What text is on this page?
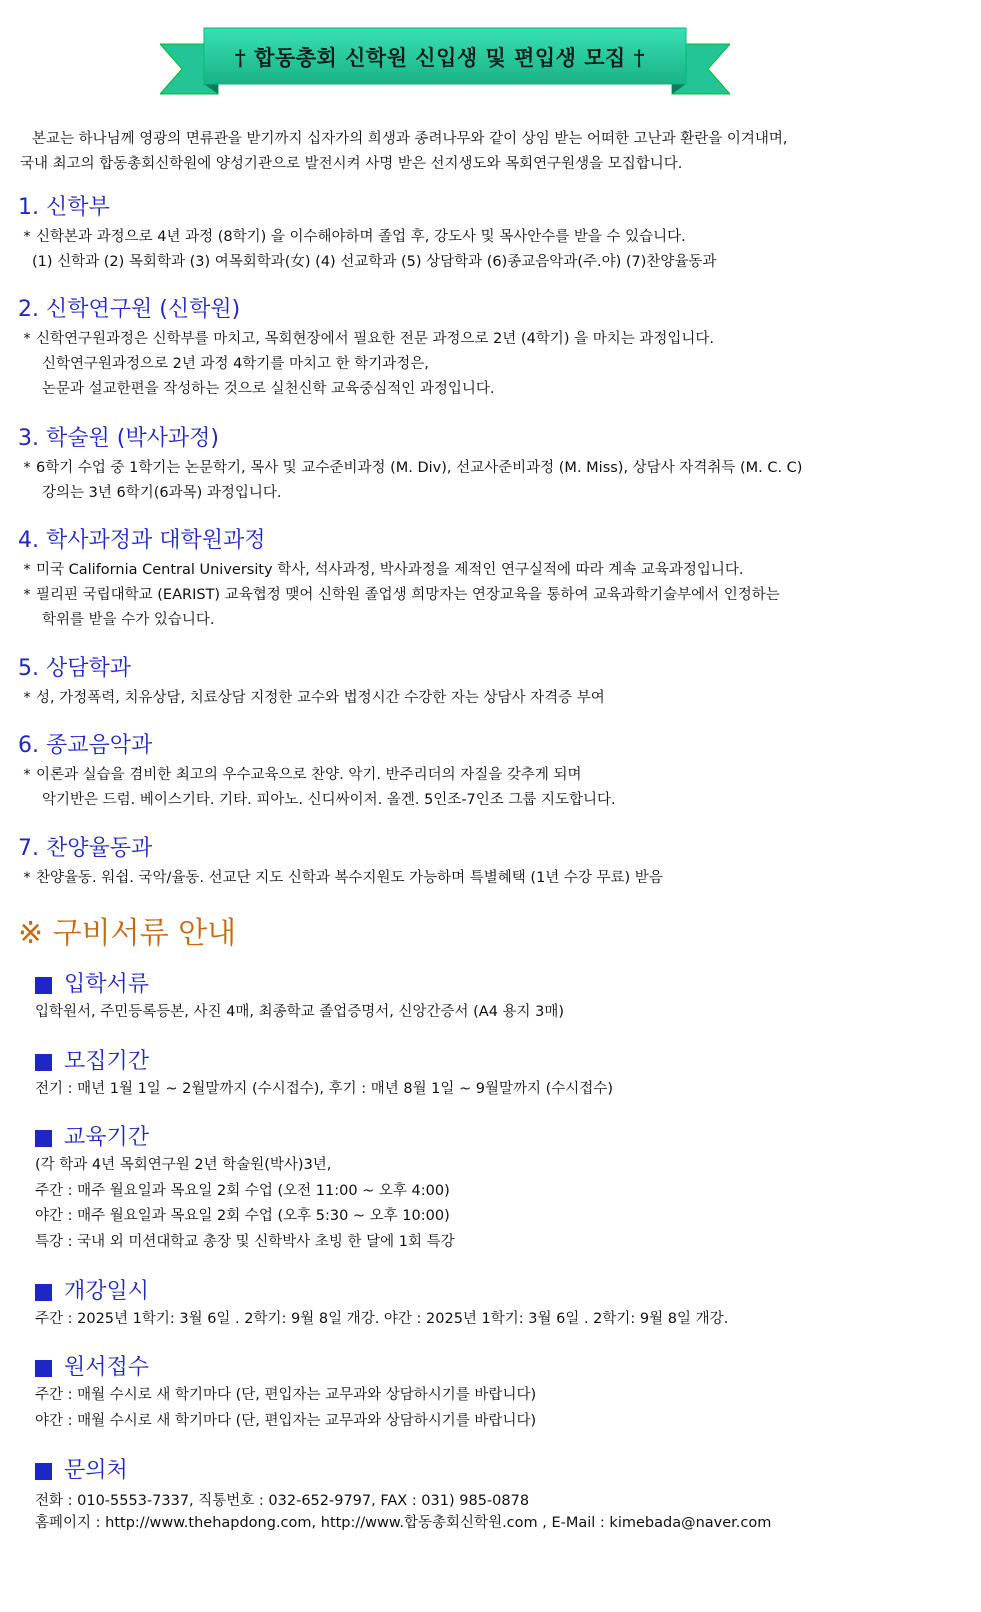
† 합동총회 신학원 신입생 및 편입생 모집 †

본교는 하나님께 영광의 면류관을 받기까지 십자가의 희생과 종려나무와 같이 상임 받는 어떠한 고난과 환란을 이겨내며,

국내 최고의 합동총회신학원에 양성기관으로 발전시켜 사명 받은 선지생도와 목회연구원생을 모집합니다.

1. 신학부
* 신학본과 과정으로 4년 과정 (8학기) 을 이수해야하며 졸업 후, 강도사 및 목사안수를 받을 수 있습니다.
(1) 신학과 (2) 목회학과 (3) 여목회학과(女) (4) 선교학과 (5) 상담학과 (6)종교음악과(주.야) (7)찬양율동과
2. 신학연구원 (신학원)
* 신학연구원과정은 신학부를 마치고, 목회현장에서 필요한 전문 과정으로 2년 (4학기) 을 마치는 과정입니다.
신학연구원과정으로 2년 과정 4학기를 마치고 한 학기과정은,
논문과 설교한편을 작성하는 것으로 실천신학 교육중심적인 과정입니다.
3. 학술원 (박사과정)
* 6학기 수업 중 1학기는 논문학기, 목사 및 교수준비과정 (M. Div), 선교사준비과정 (M. Miss), 상담사 자격취득 (M. C. C)
강의는 3년 6학기(6과목) 과정입니다.
4. 학사과정과 대학원과정
* 미국 California Central University 학사, 석사과정, 박사과정을 제적인 연구실적에 따라 계속 교육과정입니다.
* 필리핀 국립대학교 (EARIST) 교육협정 맺어 신학원 졸업생 희망자는 연장교육을 통하여 교육과학기술부에서 인정하는
학위를 받을 수가 있습니다.
5. 상담학과
* 성, 가정폭력, 치유상담, 치료상담 지정한 교수와 법정시간 수강한 자는 상담사 자격증 부여
6. 종교음악과
* 이론과 실습을 겸비한 최고의 우수교육으로 찬양. 악기. 반주리더의 자질을 갖추게 되며
악기반은 드럼. 베이스기타. 기타. 피아노. 신디싸이저. 올겐. 5인조-7인조 그룹 지도합니다.
7. 찬양율동과
* 찬양율동. 워쉽. 국악/율동. 선교단 지도 신학과 복수지원도 가능하며 특별혜택 (1년 수강 무료) 받음
※ 구비서류 안내
입학서류
입학원서, 주민등록등본, 사진 4매, 최종학교 졸업증명서, 신앙간증서 (A4 용지 3매)
모집기간
전기 : 매년 1월 1일 ~ 2월말까지 (수시접수), 후기 : 매년 8월 1일 ~ 9월말까지 (수시접수)
교육기간
(각 학과 4년 목회연구원 2년 학술원(박사)3년,
주간 : 매주 월요일과 목요일 2회 수업 (오전 11:00 ~ 오후 4:00)
야간 : 매주 월요일과 목요일 2회 수업 (오후 5:30 ~ 오후 10:00)
특강 : 국내 외 미션대학교 총장 및 신학박사 초빙 한 달에 1회 특강
개강일시
주간 : 2025년 1학기: 3월 6일 . 2학기: 9월 8일 개강. 야간 : 2025년 1학기: 3월 6일 . 2학기: 9월 8일 개강.
원서접수
주간 : 매월 수시로 새 학기마다 (단, 편입자는 교무과와 상담하시기를 바랍니다)
야간 : 매월 수시로 새 학기마다 (단, 편입자는 교무과와 상담하시기를 바랍니다)
문의처
전화 : 010-5553-7337, 직통번호 : 032-652-9797, FAX : 031) 985-0878
홈페이지 : http://www.thehapdong.com, http://www.합동총회신학원.com , E-Mail : kimebada@naver.com
